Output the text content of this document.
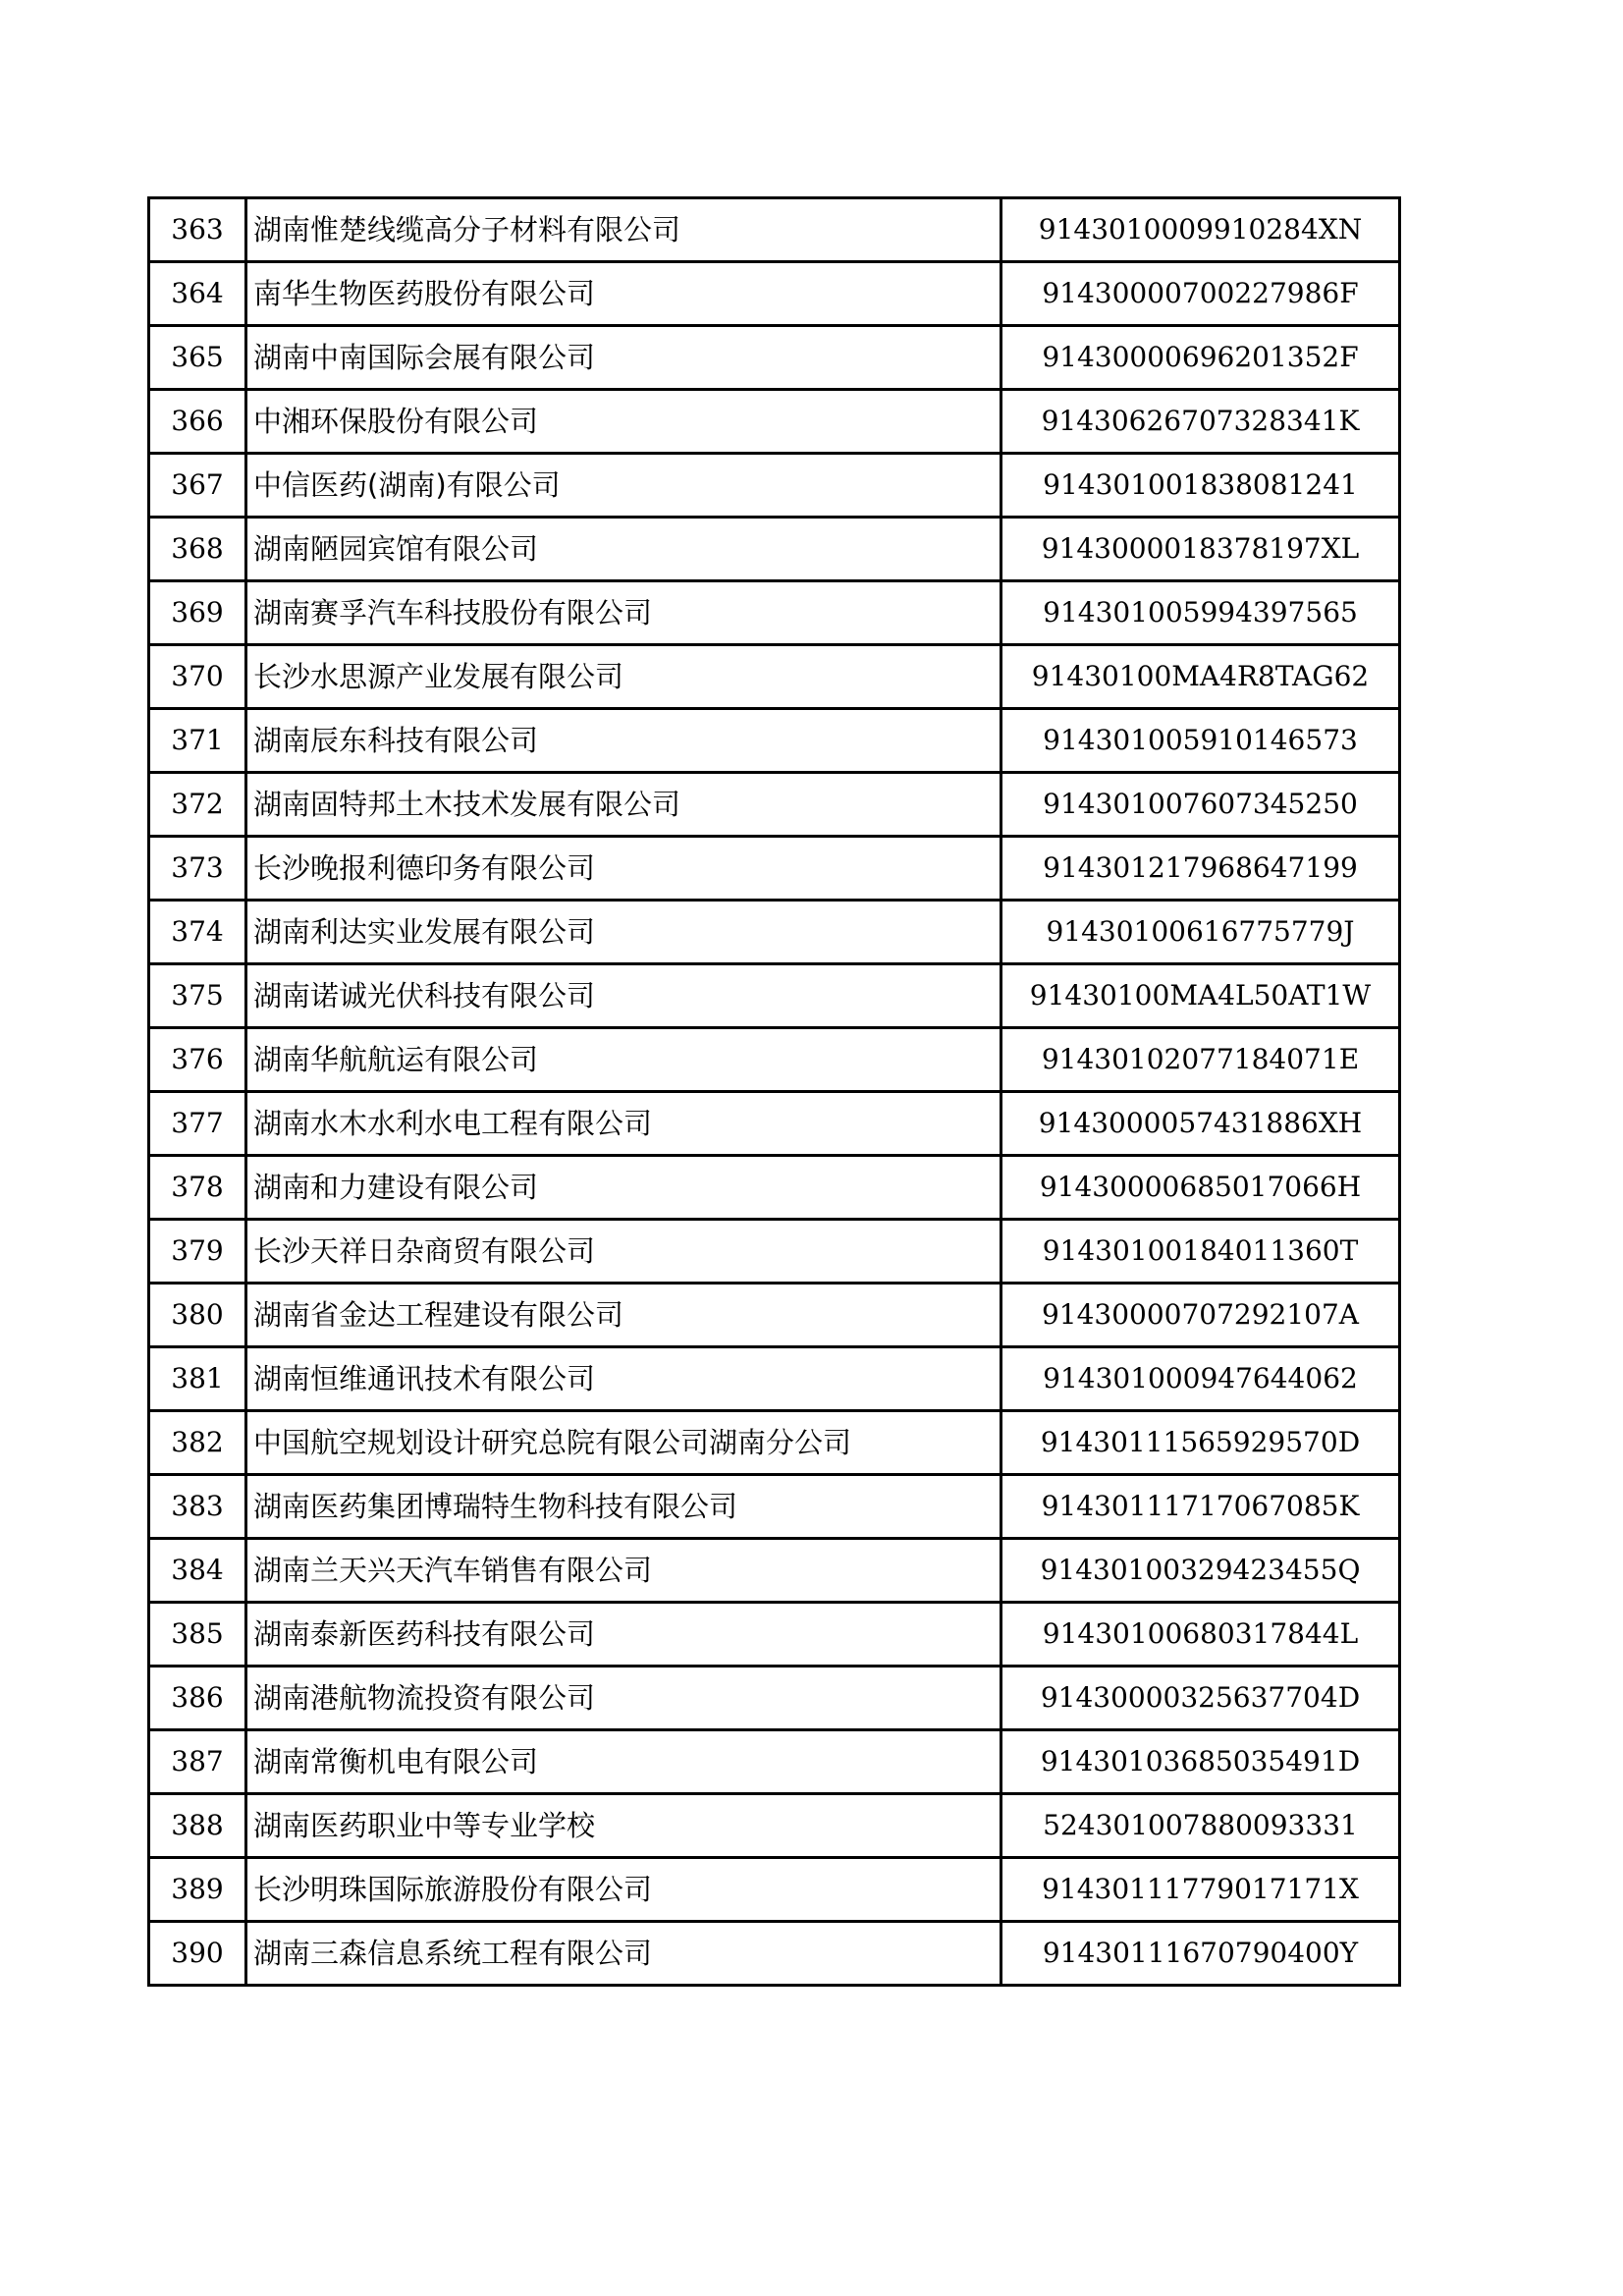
363	湖南惟楚线缆高分子材料有限公司	9143010009910284XN
364	南华生物医药股份有限公司	91430000700227986F
365	湖南中南国际会展有限公司	91430000696201352F
366	中湘环保股份有限公司	91430626707328341K
367	中信医药(湖南)有限公司	914301001838081241
368	湖南陋园宾馆有限公司	9143000018378197XL
369	湖南赛孚汽车科技股份有限公司	914301005994397565
370	长沙水思源产业发展有限公司	91430100MA4R8TAG62
371	湖南辰东科技有限公司	914301005910146573
372	湖南固特邦土木技术发展有限公司	914301007607345250
373	长沙晚报利德印务有限公司	914301217968647199
374	湖南利达实业发展有限公司	91430100616775779J
375	湖南诺诚光伏科技有限公司	91430100MA4L50AT1W
376	湖南华航航运有限公司	91430102077184071E
377	湖南水木水利水电工程有限公司	9143000057431886XH
378	湖南和力建设有限公司	91430000685017066H
379	长沙天祥日杂商贸有限公司	91430100184011360T
380	湖南省金达工程建设有限公司	91430000707292107A
381	湖南恒维通讯技术有限公司	914301000947644062
382	中国航空规划设计研究总院有限公司湖南分公司	91430111565929570D
383	湖南医药集团博瑞特生物科技有限公司	91430111717067085K
384	湖南兰天兴天汽车销售有限公司	91430100329423455Q
385	湖南泰新医药科技有限公司	91430100680317844L
386	湖南港航物流投资有限公司	91430000325637704D
387	湖南常衡机电有限公司	91430103685035491D
388	湖南医药职业中等专业学校	524301007880093331
389	长沙明珠国际旅游股份有限公司	91430111779017171X
390	湖南三森信息系统工程有限公司	91430111670790400Y
